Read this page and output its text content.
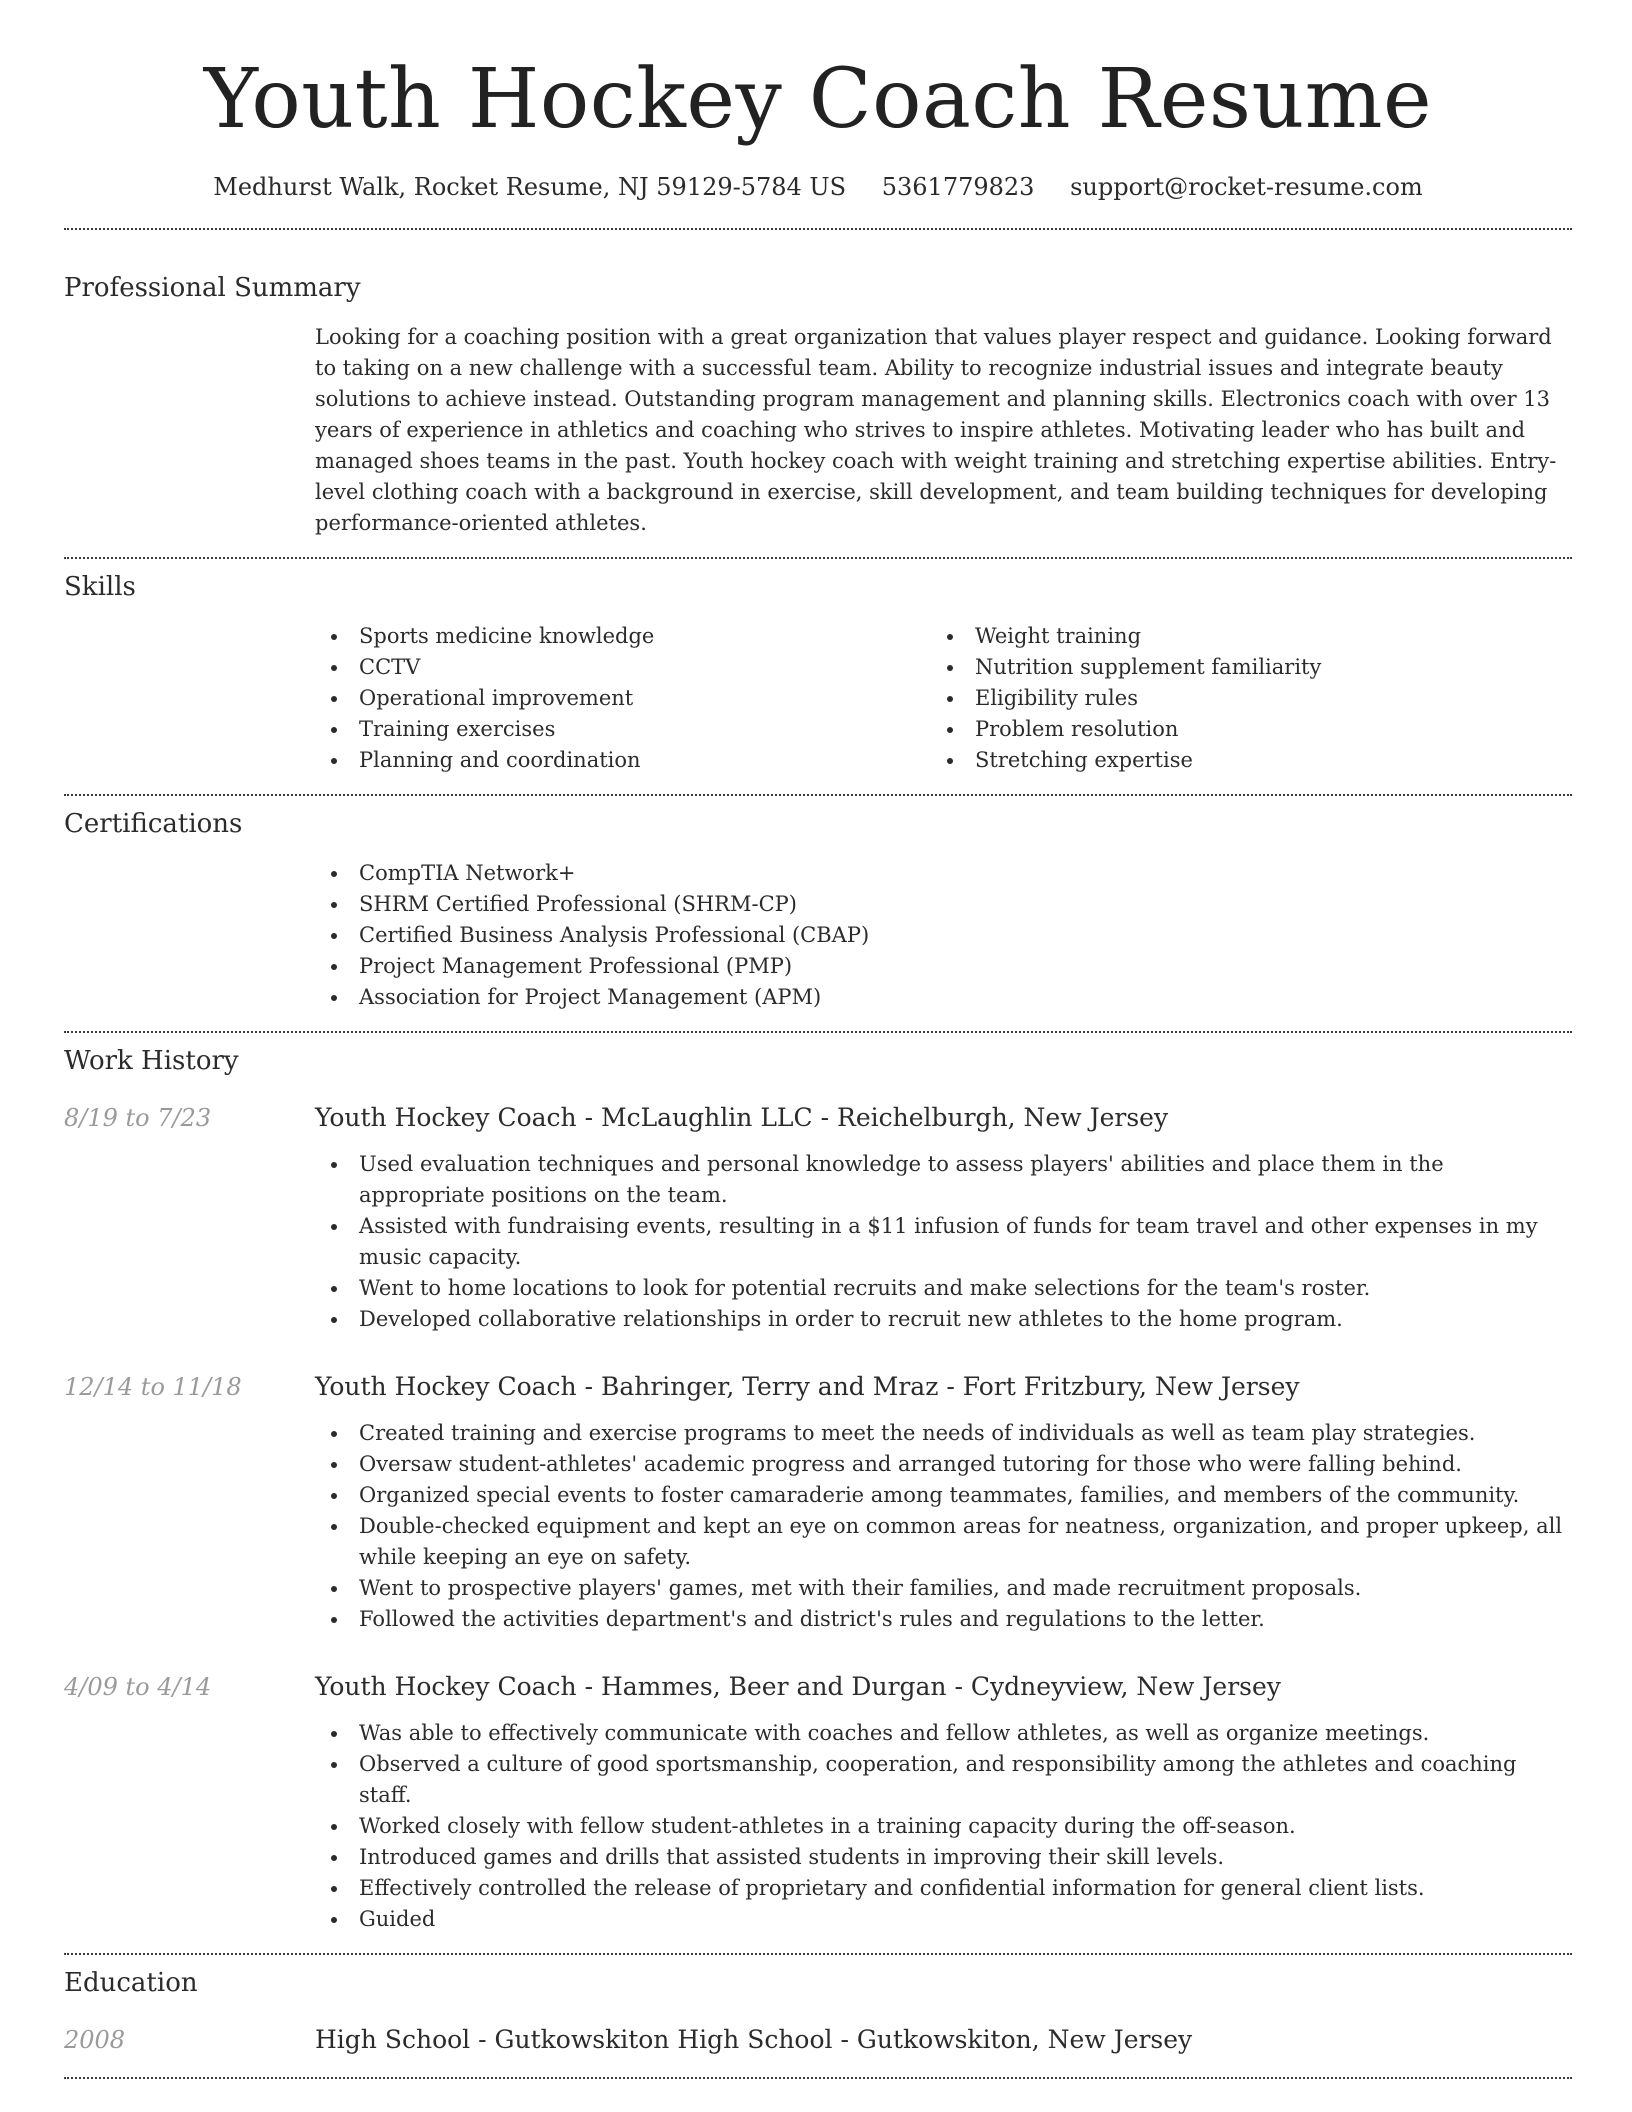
Youth Hockey Coach Resume
Medhurst Walk, Rocket Resume, NJ 59129-5784 US 5361779823 support@rocket-resume.com
Professional Summary

Looking for a coaching position with a great organization that values player respect and guidance. Looking forward to taking on a new challenge with a successful team. Ability to recognize industrial issues and integrate beauty solutions to achieve instead. Outstanding program management and planning skills. Electronics coach with over 13 years of experience in athletics and coaching who strives to inspire athletes. Motivating leader who has built and managed shoes teams in the past. Youth hockey coach with weight training and stretching expertise abilities. Entry-level clothing coach with a background in exercise, skill development, and team building techniques for developing performance-oriented athletes.

Skills
Sports medicine knowledge
CCTV
Operational improvement
Training exercises
Planning and coordination
Weight training
Nutrition supplement familiarity
Eligibility rules
Problem resolution
Stretching expertise
Certifications
CompTIA Network+
SHRM Certified Professional (SHRM-CP)
Certified Business Analysis Professional (CBAP)
Project Management Professional (PMP)
Association for Project Management (APM)
Work History
8/19 to 7/23	Youth Hockey Coach - McLaughlin LLC - Reichelburgh, New Jersey
Used evaluation techniques and personal knowledge to assess players' abilities and place them in the appropriate positions on the team.
Assisted with fundraising events, resulting in a $11 infusion of funds for team travel and other expenses in my music capacity.
Went to home locations to look for potential recruits and make selections for the team's roster.
Developed collaborative relationships in order to recruit new athletes to the home program.
12/14 to 11/18	Youth Hockey Coach - Bahringer, Terry and Mraz - Fort Fritzbury, New Jersey
Created training and exercise programs to meet the needs of individuals as well as team play strategies.
Oversaw student-athletes' academic progress and arranged tutoring for those who were falling behind.
Organized special events to foster camaraderie among teammates, families, and members of the community.
Double-checked equipment and kept an eye on common areas for neatness, organization, and proper upkeep, all while keeping an eye on safety.
Went to prospective players' games, met with their families, and made recruitment proposals.
Followed the activities department's and district's rules and regulations to the letter.
4/09 to 4/14	Youth Hockey Coach - Hammes, Beer and Durgan - Cydneyview, New Jersey
Was able to effectively communicate with coaches and fellow athletes, as well as organize meetings.
Observed a culture of good sportsmanship, cooperation, and responsibility among the athletes and coaching staff.
Worked closely with fellow student-athletes in a training capacity during the off-season.
Introduced games and drills that assisted students in improving their skill levels.
Effectively controlled the release of proprietary and confidential information for general client lists.
Guided
Education
2008	High School - Gutkowskiton High School - Gutkowskiton, New Jersey
